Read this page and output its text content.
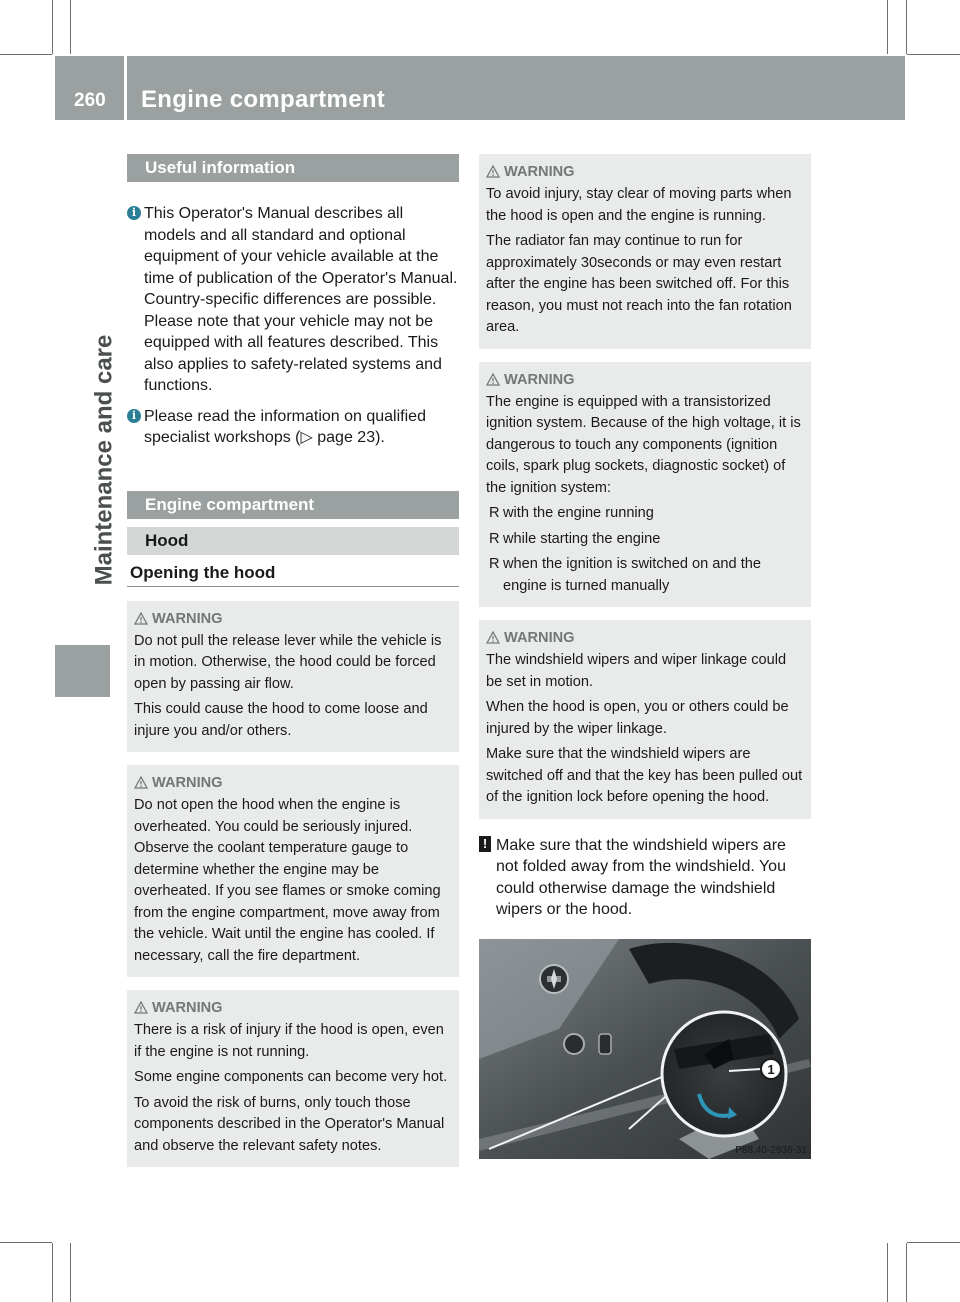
260 Engine compartment
Maintenance and care
Useful information
i This Operator's Manual describes all models and all standard and optional equipment of your vehicle available at the time of publication of the Operator's Manual. Country-specific differences are possible. Please note that your vehicle may not be equipped with all features described. This also applies to safety-related systems and functions.
i Please read the information on qualified specialist workshops (▷ page 23).
Engine compartment
Hood
Opening the hood
WARNING

Do not pull the release lever while the vehicle is in motion. Otherwise, the hood could be forced open by passing air flow.

This could cause the hood to come loose and injure you and/or others.

WARNING

Do not open the hood when the engine is overheated. You could be seriously injured. Observe the coolant temperature gauge to determine whether the engine may be overheated. If you see flames or smoke coming from the engine compartment, move away from the vehicle. Wait until the engine has cooled. If necessary, call the fire department.

WARNING

There is a risk of injury if the hood is open, even if the engine is not running.

Some engine components can become very hot.

To avoid the risk of burns, only touch those components described in the Operator's Manual and observe the relevant safety notes.

WARNING

To avoid injury, stay clear of moving parts when the hood is open and the engine is running.

The radiator fan may continue to run for approximately 30seconds or may even restart after the engine has been switched off. For this reason, you must not reach into the fan rotation area.

WARNING

The engine is equipped with a transistorized ignition system. Because of the high voltage, it is dangerous to touch any components (ignition coils, spark plug sockets, diagnostic socket) of the ignition system:

R with the engine running
R while starting the engine
R when the ignition is switched on and the engine is turned manually
WARNING

The windshield wipers and wiper linkage could be set in motion.

When the hood is open, you or others could be injured by the wiper linkage.

Make sure that the windshield wipers are switched off and that the key has been pulled out of the ignition lock before opening the hood.

! Make sure that the windshield wipers are not folded away from the windshield. You could otherwise damage the windshield wipers or the hood.
1
P88.40-2936-31
